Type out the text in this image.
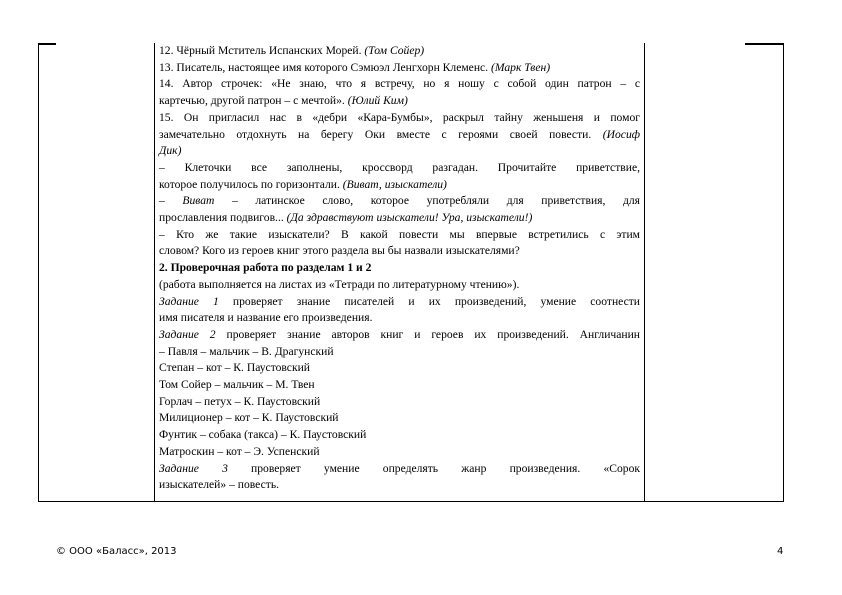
12. Чёрный Мститель Испанских Морей. (Том Сойер)

13. Писатель, настоящее имя которого Сэмюэл Ленгхорн Клеменс. (Марк Твен)

14. Автор строчек: «Не знаю, что я встречу, но я ношу с собой один патрон – с

картечью, другой патрон – с мечтой». (Юлий Ким)

15. Он пригласил нас в «дебри «Кара-Бумбы», раскрыл тайну женьшеня и помог

замечательно отдохнуть на берегу Оки вместе с героями своей повести. (Иосиф

Дик)

– Клеточки все заполнены, кроссворд разгадан. Прочитайте приветствие,

которое получилось по горизонтали. (Виват, изыскатели)

– Виват – латинское слово, которое употребляли для приветствия, для

прославления подвигов... (Да здравствуют изыскатели! Ура, изыскатели!)

– Кто же такие изыскатели? В какой повести мы впервые встретились с этим

словом? Кого из героев книг этого раздела вы бы назвали изыскателями?

2. Проверочная работа по разделам 1 и 2

(работа выполняется на листах из «Тетради по литературному чтению»).

Задание 1 проверяет знание писателей и их произведений, умение соотнести

имя писателя и название его произведения.

Задание 2 проверяет знание авторов книг и героев их произведений. Англичанин

– Павля – мальчик – В. Драгунский

Степан – кот – К. Паустовский

Том Сойер – мальчик – М. Твен

Горлач – петух – К. Паустовский

Милиционер – кот – К. Паустовский

Фунтик – собака (такса) – К. Паустовский

Матроскин – кот – Э. Успенский

Задание 3 проверяет умение определять жанр произведения. «Сорок

изыскателей» – повесть.

© ООО «Баласс», 2013	4
